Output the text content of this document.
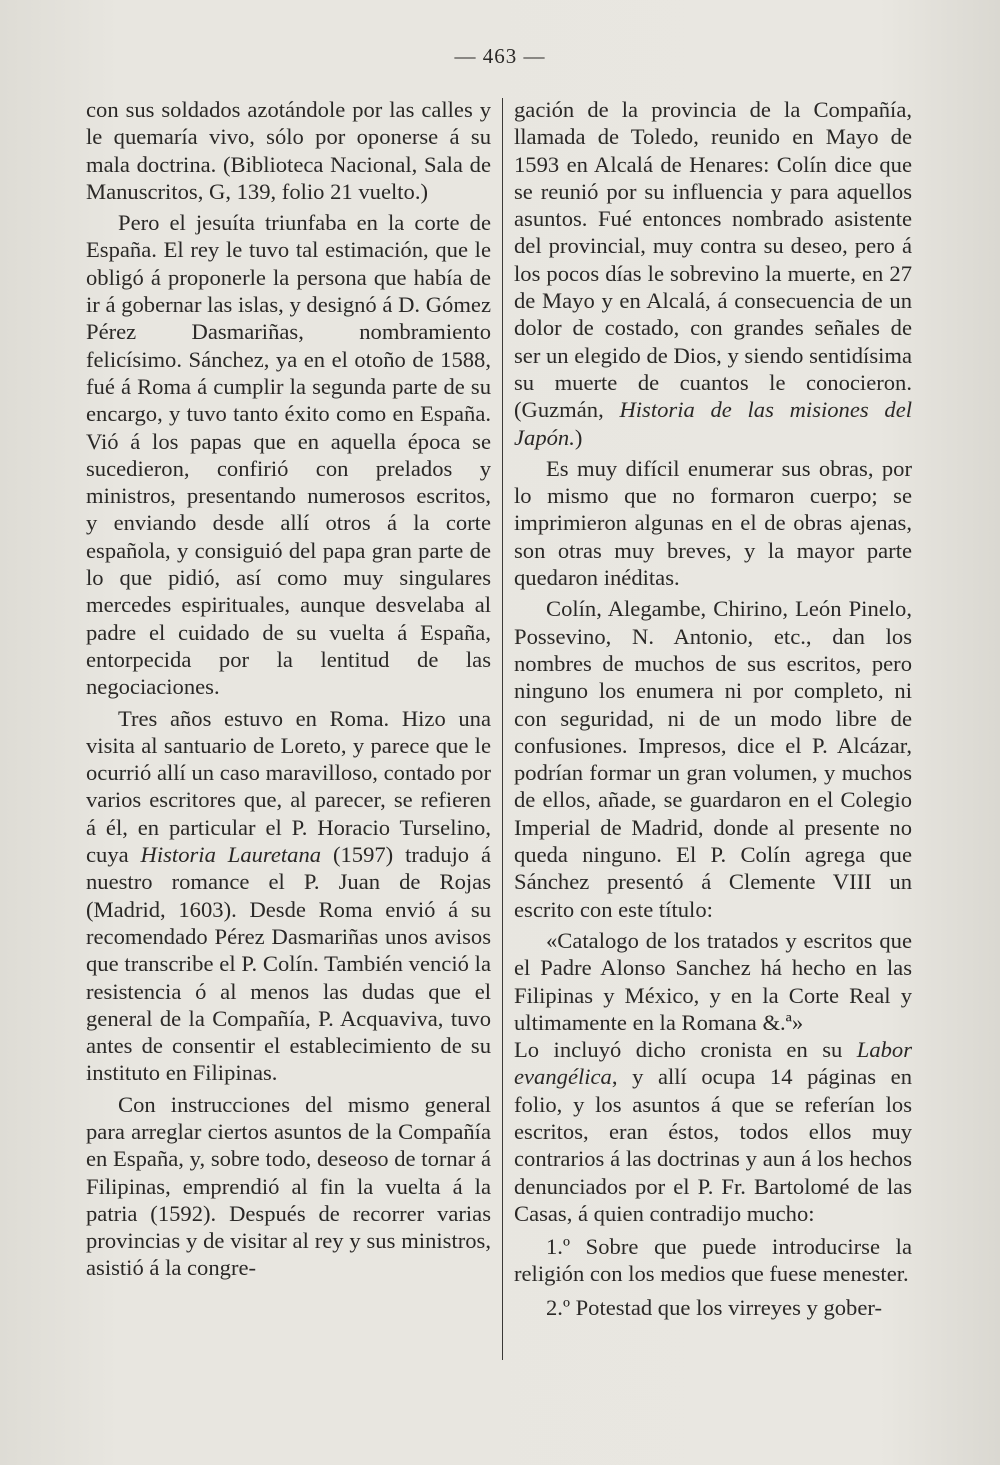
— 463 —

con sus soldados azotándole por las calles y le quemaría vivo, sólo por oponerse á su mala doctrina. (Biblioteca Nacional, Sala de Manuscritos, G, 139, folio 21 vuelto.)

Pero el jesuíta triunfaba en la corte de España. El rey le tuvo tal estimación, que le obligó á proponerle la persona que había de ir á gobernar las islas, y designó á D. Gómez Pérez Dasmariñas, nombramiento felicísimo. Sánchez, ya en el otoño de 1588, fué á Roma á cumplir la segunda parte de su encargo, y tuvo tanto éxito como en España. Vió á los papas que en aquella época se sucedieron, confirió con prelados y ministros, presentando numerosos escritos, y enviando desde allí otros á la corte española, y consiguió del papa gran parte de lo que pidió, así como muy singulares mercedes espirituales, aunque desvelaba al padre el cuidado de su vuelta á España, entorpecida por la lentitud de las negociaciones.

Tres años estuvo en Roma. Hizo una visita al santuario de Loreto, y parece que le ocurrió allí un caso maravilloso, contado por varios escritores que, al parecer, se refieren á él, en particular el P. Horacio Turselino, cuya Historia Lauretana (1597) tradujo á nuestro romance el P. Juan de Rojas (Madrid, 1603). Desde Roma envió á su recomendado Pérez Dasmariñas unos avisos que transcribe el P. Colín. También venció la resistencia ó al menos las dudas que el general de la Compañía, P. Acquaviva, tuvo antes de consentir el establecimiento de su instituto en Filipinas.

Con instrucciones del mismo general para arreglar ciertos asuntos de la Compañía en España, y, sobre todo, deseoso de tornar á Filipinas, emprendió al fin la vuelta á la patria (1592). Después de recorrer varias provincias y de visitar al rey y sus ministros, asistió á la congre-

gación de la provincia de la Compañía, llamada de Toledo, reunido en Mayo de 1593 en Alcalá de Henares: Colín dice que se reunió por su influencia y para aquellos asuntos. Fué entonces nombrado asistente del provincial, muy contra su deseo, pero á los pocos días le sobrevino la muerte, en 27 de Mayo y en Alcalá, á consecuencia de un dolor de costado, con grandes señales de ser un elegido de Dios, y siendo sentidísima su muerte de cuantos le conocieron. (Guzmán, Historia de las misiones del Japón.)

Es muy difícil enumerar sus obras, por lo mismo que no formaron cuerpo; se imprimieron algunas en el de obras ajenas, son otras muy breves, y la mayor parte quedaron inéditas.

Colín, Alegambe, Chirino, León Pinelo, Possevino, N. Antonio, etc., dan los nombres de muchos de sus escritos, pero ninguno los enumera ni por completo, ni con seguridad, ni de un modo libre de confusiones. Impresos, dice el P. Alcázar, podrían formar un gran volumen, y muchos de ellos, añade, se guardaron en el Colegio Imperial de Madrid, donde al presente no queda ninguno. El P. Colín agrega que Sánchez presentó á Clemente VIII un escrito con este título:

«Catalogo de los tratados y escritos que el Padre Alonso Sanchez há hecho en las Filipinas y México, y en la Corte Real y ultimamente en la Romana &.ª»

Lo incluyó dicho cronista en su Labor evangélica, y allí ocupa 14 páginas en folio, y los asuntos á que se referían los escritos, eran éstos, todos ellos muy contrarios á las doctrinas y aun á los hechos denunciados por el P. Fr. Bartolomé de las Casas, á quien contradijo mucho:

1.º Sobre que puede introducirse la religión con los medios que fuese menester.

2.º Potestad que los virreyes y gober-
